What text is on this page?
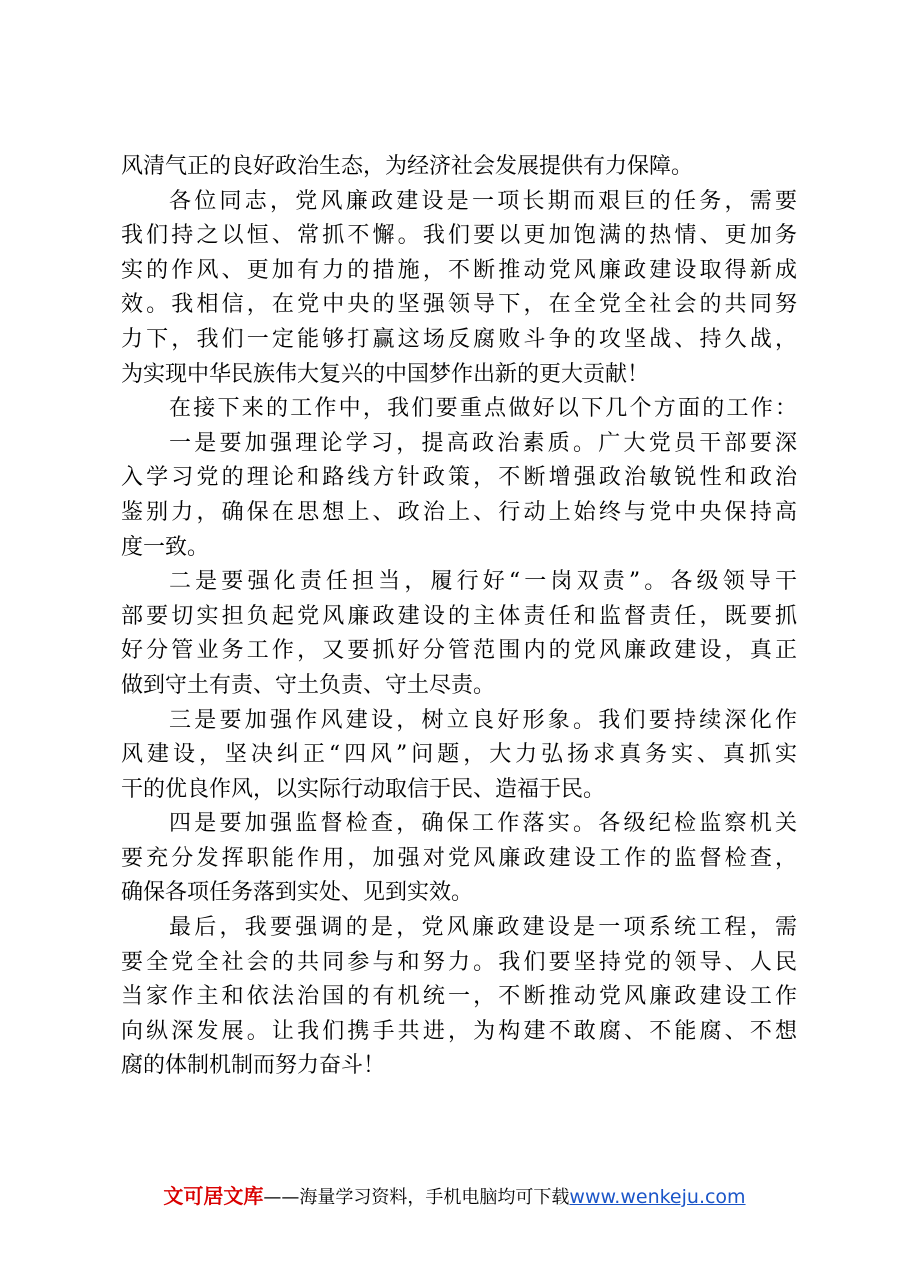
风清气正的良好政治生态，为经济社会发展提供有力保障。
各位同志，党风廉政建设是一项长期而艰巨的任务，需要
我们持之以恒、常抓不懈。我们要以更加饱满的热情、更加务
实的作风、更加有力的措施，不断推动党风廉政建设取得新成
效。我相信，在党中央的坚强领导下，在全党全社会的共同努
力下，我们一定能够打赢这场反腐败斗争的攻坚战、持久战，
为实现中华民族伟大复兴的中国梦作出新的更大贡献！
在接下来的工作中，我们要重点做好以下几个方面的工作：
一是要加强理论学习，提高政治素质。广大党员干部要深
入学习党的理论和路线方针政策，不断增强政治敏锐性和政治
鉴别力，确保在思想上、政治上、行动上始终与党中央保持高
度一致。
二是要强化责任担当，履行好“一岗双责”。各级领导干
部要切实担负起党风廉政建设的主体责任和监督责任，既要抓
好分管业务工作，又要抓好分管范围内的党风廉政建设，真正
做到守土有责、守土负责、守土尽责。
三是要加强作风建设，树立良好形象。我们要持续深化作
风建设，坚决纠正“四风”问题，大力弘扬求真务实、真抓实
干的优良作风，以实际行动取信于民、造福于民。
四是要加强监督检查，确保工作落实。各级纪检监察机关
要充分发挥职能作用，加强对党风廉政建设工作的监督检查，
确保各项任务落到实处、见到实效。
最后，我要强调的是，党风廉政建设是一项系统工程，需
要全党全社会的共同参与和努力。我们要坚持党的领导、人民
当家作主和依法治国的有机统一，不断推动党风廉政建设工作
向纵深发展。让我们携手共进，为构建不敢腐、不能腐、不想
腐的体制机制而努力奋斗！
文可居文库——海量学习资料，手机电脑均可下载www.wenkeju.com
